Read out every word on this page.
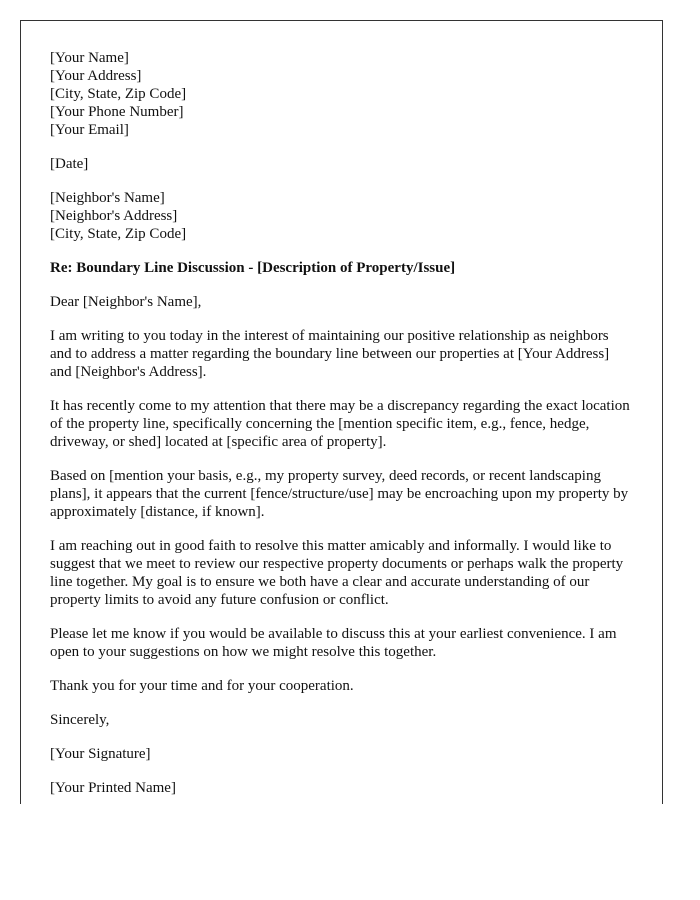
[Your Name]
[Your Address]
[City, State, Zip Code]
[Your Phone Number]
[Your Email]

[Date]

[Neighbor's Name]
[Neighbor's Address]
[City, State, Zip Code]

Re: Boundary Line Discussion - [Description of Property/Issue]

Dear [Neighbor's Name],

I am writing to you today in the interest of maintaining our positive relationship as neighbors and to address a matter regarding the boundary line between our properties at [Your Address] and [Neighbor's Address].

It has recently come to my attention that there may be a discrepancy regarding the exact location of the property line, specifically concerning the [mention specific item, e.g., fence, hedge, driveway, or shed] located at [specific area of property].

Based on [mention your basis, e.g., my property survey, deed records, or recent landscaping plans], it appears that the current [fence/structure/use] may be encroaching upon my property by approximately [distance, if known].

I am reaching out in good faith to resolve this matter amicably and informally. I would like to suggest that we meet to review our respective property documents or perhaps walk the property line together. My goal is to ensure we both have a clear and accurate understanding of our property limits to avoid any future confusion or conflict.

Please let me know if you would be available to discuss this at your earliest convenience. I am open to your suggestions on how we might resolve this together.

Thank you for your time and for your cooperation.

Sincerely,

[Your Signature]

[Your Printed Name]
